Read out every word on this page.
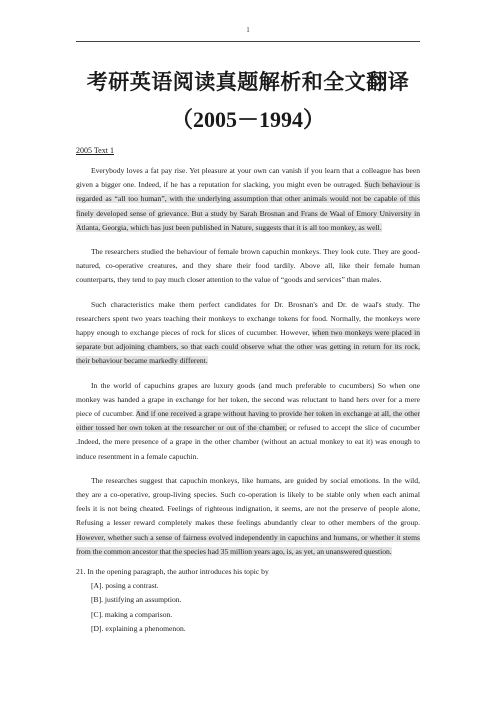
1
考研英语阅读真题解析和全文翻译
（2005－1994）
2005 Text 1

Everybody loves a fat pay rise. Yet pleasure at your own can vanish if you learn that a colleague has been given a bigger one. Indeed, if he has a reputation for slacking, you might even be outraged. Such behaviour is regarded as “all too human”, with the underlying assumption that other animals would not be capable of this finely developed sense of grievance. But a study by Sarah Brosnan and Frans de Waal of Emory University in Atlanta, Georgia, which has just been published in Nature, suggests that it is all too monkey, as well.

The researchers studied the behaviour of female brown capuchin monkeys. They look cute. They are good-natured, co-operative creatures, and they share their food tardily. Above all, like their female human counterparts, they tend to pay much closer attention to the value of “goods and services” than males.

Such characteristics make them perfect candidates for Dr. Brosnan's and Dr. de waal's study. The researchers spent two years teaching their monkeys to exchange tokens for food. Normally, the monkeys were happy enough to exchange pieces of rock for slices of cucumber. However, when two monkeys were placed in separate but adjoining chambers, so that each could observe what the other was getting in return for its rock, their behaviour became markedly different.

In the world of capuchins grapes are luxury goods (and much preferable to cucumbers) So when one monkey was handed a grape in exchange for her token, the second was reluctant to hand hers over for a mere piece of cucumber. And if one received a grape without having to provide her token in exchange at all, the other either tossed her own token at the researcher or out of the chamber, or refused to accept the slice of cucumber .Indeed, the mere presence of a grape in the other chamber (without an actual monkey to eat it) was enough to induce resentment in a female capuchin.

The researches suggest that capuchin monkeys, like humans, are guided by social emotions. In the wild, they are a co-operative, group-living species. Such co-operation is likely to be stable only when each animal feels it is not being cheated. Feelings of righteous indignation, it seems, are not the preserve of people alone, Refusing a lesser reward completely makes these feelings abundantly clear to other members of the group. However, whether such a sense of fairness evolved independently in capuchins and humans, or whether it stems from the common ancestor that the species had 35 million years ago, is, as yet, an unanswered question.

21. In the opening paragraph, the author introduces his topic by
[A]. posing a contrast.
[B]. justifying an assumption.
[C]. making a comparison.
[D]. explaining a phenomenon.
